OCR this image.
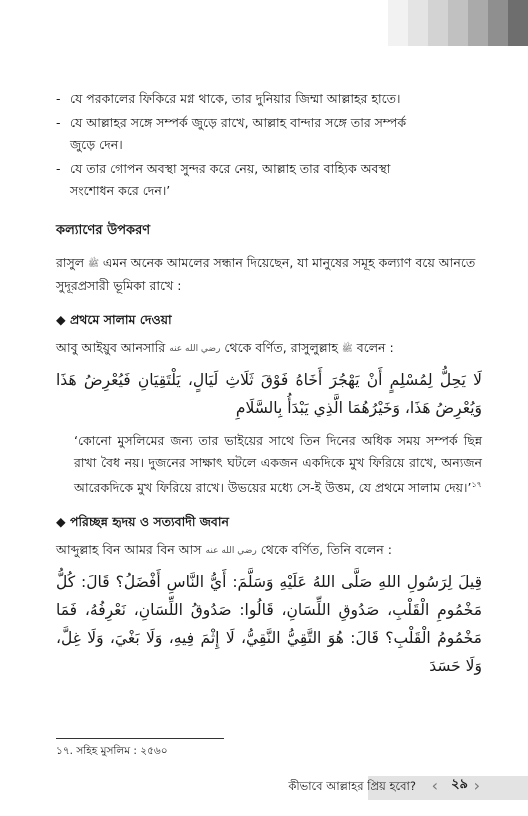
- যে পরকালের ফিকিরে মগ্ন থাকে, তার দুনিয়ার জিম্মা আল্লাহর হাতে।
- যে আল্লাহর সঙ্গে সম্পর্ক জুড়ে রাখে, আল্লাহ বান্দার সঙ্গে তার সম্পর্ক
জুড়ে দেন।
- যে তার গোপন অবস্থা সুন্দর করে নেয়, আল্লাহ তার বাহ্যিক অবস্থা
সংশোধন করে দেন।’
কল্যাণের উপকরণ
রাসুল ﷺ এমন অনেক আমলের সন্ধান দিয়েছেন, যা মানুষের সমূহ কল্যাণ বয়ে আনতে সুদূরপ্রসারী ভূমিকা রাখে :
◆ প্রথমে সালাম দেওয়া
আবু আইয়ুব আনসারি رضي الله عنه থেকে বর্ণিত, রাসুলুল্লাহ ﷺ বলেন :
لَا يَحِلُّ لِمُسْلِمٍ أَنْ يَهْجُرَ أَخَاهُ فَوْقَ ثَلَاثِ لَيَالٍ، يَلْتَقِيَانِ فَيُعْرِضُ هَذَا وَيُعْرِضُ هَذَا، وَخَيْرُهُمَا الَّذِي يَبْدَأُ بِالسَّلَامِ
‘কোনো মুসলিমের জন্য তার ভাইয়ের সাথে তিন দিনের অধিক সময় সম্পর্ক ছিন্ন রাখা বৈধ নয়। দুজনের সাক্ষাৎ ঘটলে একজন একদিকে মুখ ফিরিয়ে রাখে, অন্যজন আরেকদিকে মুখ ফিরিয়ে রাখে। উভয়ের মধ্যে সে-ই উত্তম, যে প্রথমে সালাম দেয়।’$^{১৭}$
◆ পরিচ্ছন্ন হৃদয় ও সত্যবাদী জবান
আব্দুল্লাহ বিন আমর বিন আস رضي الله عنه থেকে বর্ণিত, তিনি বলেন :
قِيلَ لِرَسُولِ اللهِ صَلَّى اللهُ عَلَيْهِ وَسَلَّمَ: أَيُّ النَّاسِ أَفْضَلُ؟ قَالَ: كُلُّ مَخْمُومِ الْقَلْبِ، صَدُوقِ اللِّسَانِ، قَالُوا: صَدُوقُ اللِّسَانِ، نَعْرِفُهُ، فَمَا مَخْمُومُ الْقَلْبِ؟ قَالَ: هُوَ التَّقِيُّ النَّقِيُّ، لَا إِثْمَ فِيهِ، وَلَا بَغْيَ، وَلَا غِلَّ، وَلَا حَسَدَ
১৭. সহিহ মুসলিম : ২৫৬০
কীভাবে আল্লাহর প্রিয় হবো? ‹ ২৯ ›
